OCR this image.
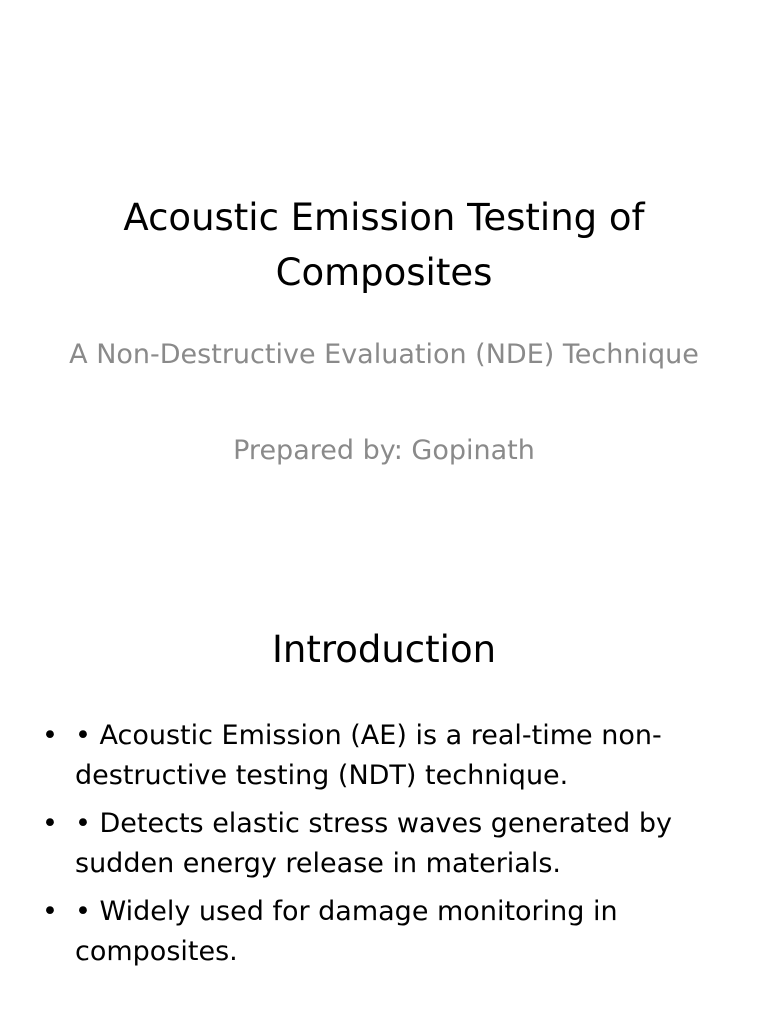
Acoustic Emission Testing of Composites

A Non-Destructive Evaluation (NDE) Technique

Prepared by: Gopinath

Introduction
• • Acoustic Emission (AE) is a real-time non-destructive testing (NDT) technique.
• • Detects elastic stress waves generated by sudden energy release in materials.
• • Widely used for damage monitoring in composites.
